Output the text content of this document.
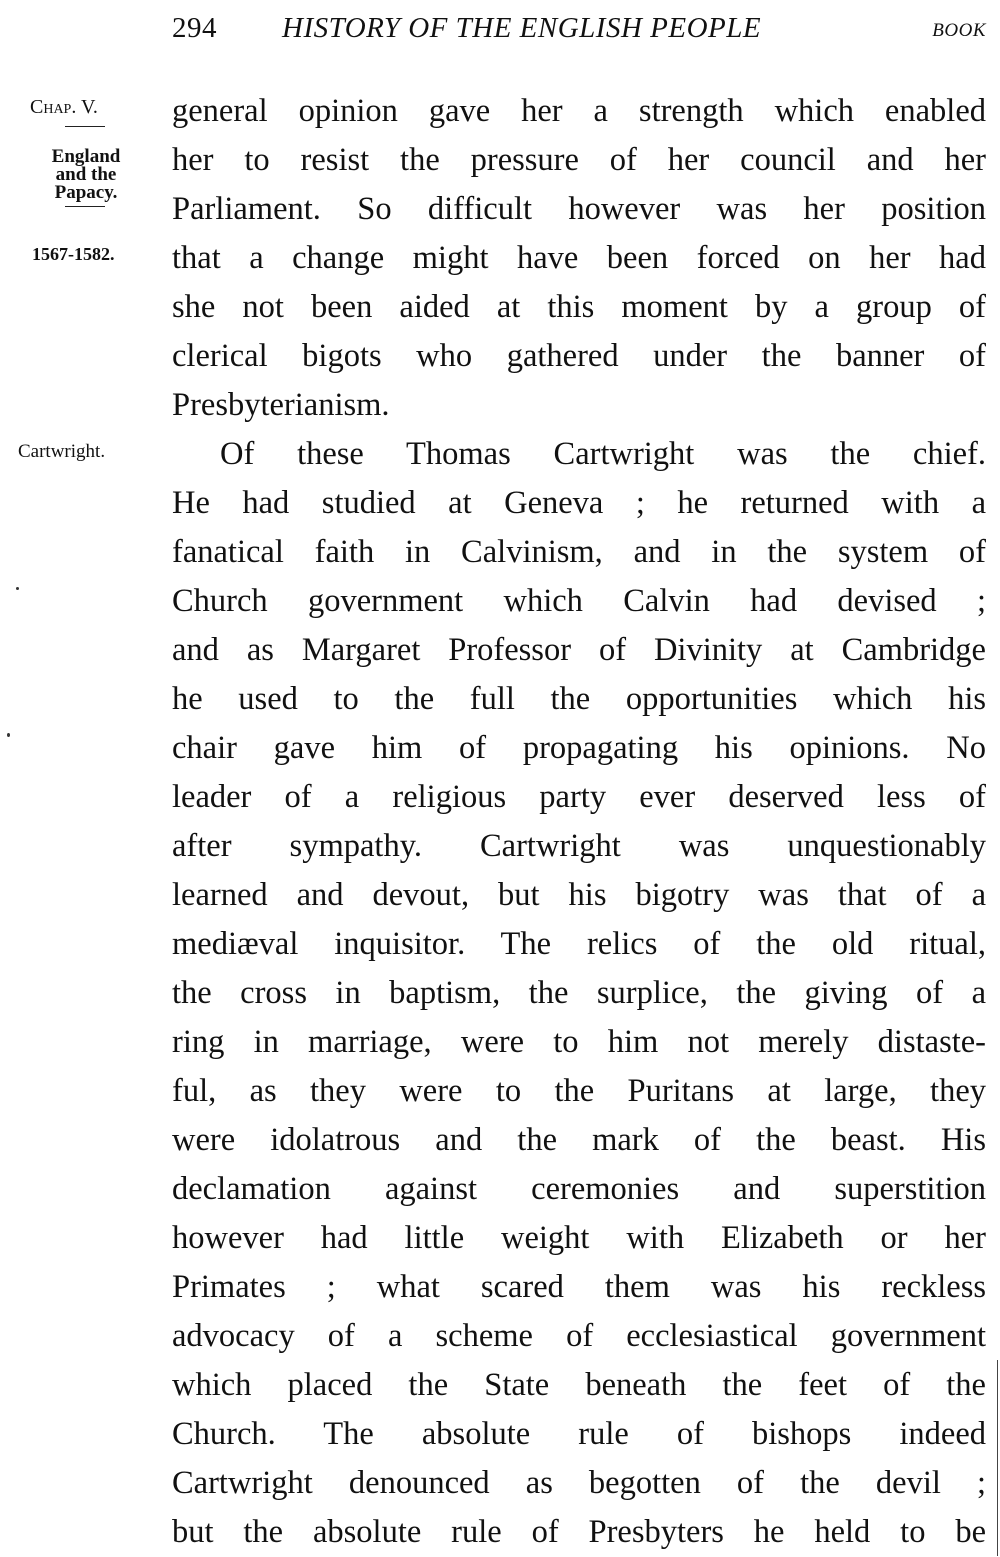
294 HISTORY OF THE ENGLISH PEOPLE	BOOK
Chap. V.
England
and the
Papacy.
1567-1582.
Cartwright.
general opinion gave her a strength which enabled
her to resist the pressure of her council and her
Parliament. So difficult however was her position
that a change might have been forced on her had
she not been aided at this moment by a group of
clerical bigots who gathered under the banner of
Presbyterianism.
Of these Thomas Cartwright was the chief.
He had studied at Geneva ; he returned with a
fanatical faith in Calvinism, and in the system of
Church government which Calvin had devised ;
and as Margaret Professor of Divinity at Cambridge
he used to the full the opportunities which his
chair gave him of propagating his opinions. No
leader of a religious party ever deserved less of
after sympathy. Cartwright was unquestionably
learned and devout, but his bigotry was that of a
mediæval inquisitor. The relics of the old ritual,
the cross in baptism, the surplice, the giving of a
ring in marriage, were to him not merely distaste-
ful, as they were to the Puritans at large, they
were idolatrous and the mark of the beast. His
declamation against ceremonies and superstition
however had little weight with Elizabeth or her
Primates ; what scared them was his reckless
advocacy of a scheme of ecclesiastical government
which placed the State beneath the feet of the
Church. The absolute rule of bishops indeed
Cartwright denounced as begotten of the devil ;
but the absolute rule of Presbyters he held to be
